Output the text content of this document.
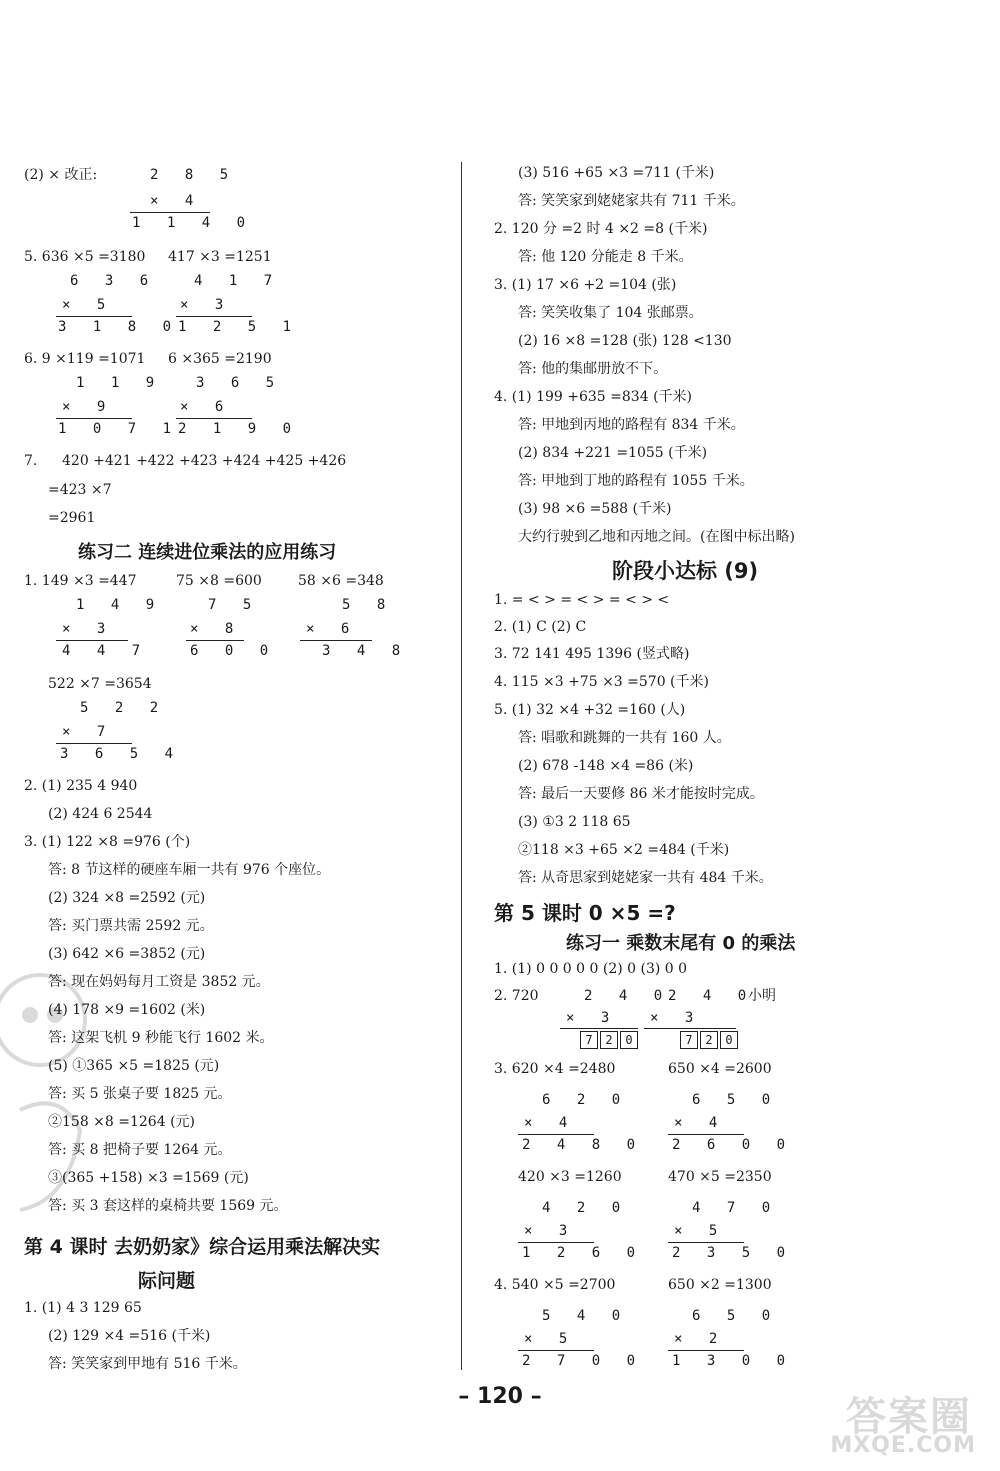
(2) × 改正:	2 8 5
× 4
1 1 4 0
5. 636 ×5 =3180 417 ×3 =1251
6 3 6
× 5
3 1 8 0
4 1 7
× 3
1 2 5 1
6. 9 ×119 =1071 6 ×365 =2190
1 1 9
× 9
1 0 7 1
3 6 5
× 6
2 1 9 0
7. 420 +421 +422 +423 +424 +425 +426
=423 ×7
=2961
练习二 连续进位乘法的应用练习
1. 149 ×3 =447	75 ×8 =600	58 ×6 =348
1 4 9
× 3
4 4 7
7 5
× 8
6 0 0
5 8
× 6
3 4 8
522 ×7 =3654
5 2 2
× 7
3 6 5 4
2. (1) 235 4 940
(2) 424 6 2544
3. (1) 122 ×8 =976 (个)
答: 8 节这样的硬座车厢一共有 976 个座位。
(2) 324 ×8 =2592 (元)
答: 买门票共需 2592 元。
(3) 642 ×6 =3852 (元)
答: 现在妈妈每月工资是 3852 元。
(4) 178 ×9 =1602 (米)
答: 这架飞机 9 秒能飞行 1602 米。
(5) ①365 ×5 =1825 (元)
答: 买 5 张桌子要 1825 元。
②158 ×8 =1264 (元)
答: 买 8 把椅子要 1264 元。
③(365 +158) ×3 =1569 (元)
答: 买 3 套这样的桌椅共要 1569 元。
第 4 课时 去奶奶家》综合运用乘法解决实
际问题
1. (1) 4 3 129 65
(2) 129 ×4 =516 (千米)
答: 笑笑家到甲地有 516 千米。
(3) 516 +65 ×3 =711 (千米)
答: 笑笑家到姥姥家共有 711 千米。
2. 120 分 =2 时 4 ×2 =8 (千米)
答: 他 120 分能走 8 千米。
3. (1) 17 ×6 +2 =104 (张)
答: 笑笑收集了 104 张邮票。
(2) 16 ×8 =128 (张) 128 <130
答: 他的集邮册放不下。
4. (1) 199 +635 =834 (千米)
答: 甲地到丙地的路程有 834 千米。
(2) 834 +221 =1055 (千米)
答: 甲地到丁地的路程有 1055 千米。
(3) 98 ×6 =588 (千米)
大约行驶到乙地和丙地之间。(在图中标出略)
阶段小达标 (9)
1. = < > = < > = < > <
2. (1) C (2) C
3. 72 141 495 1396 (竖式略)
4. 115 ×3 +75 ×3 =570 (千米)
5. (1) 32 ×4 +32 =160 (人)
答: 唱歌和跳舞的一共有 160 人。
(2) 678 -148 ×4 =86 (米)
答: 最后一天要修 86 米才能按时完成。
(3) ①3 2 118 65
②118 ×3 +65 ×2 =484 (千米)
答: 从奇思家到姥姥家一共有 484 千米。
第 5 课时 0 ×5 =?
练习一 乘数末尾有 0 的乘法
1. (1) 0 0 0 0 0 (2) 0 (3) 0 0
2. 720	2 4 0
× 3
7 2 0
2 4 0
× 3
7 2 0
小明
3. 620 ×4 =2480	650 ×4 =2600
6 2 0
× 4
2 4 8 0
6 5 0
× 4
2 6 0 0
420 ×3 =1260	470 ×5 =2350
4 2 0
× 3
1 2 6 0
4 7 0
× 5
2 3 5 0
4. 540 ×5 =2700	650 ×2 =1300
5 4 0
× 5
2 7 0 0
6 5 0
× 2
1 3 0 0
– 120 –	答案圈
MXQE.COM
